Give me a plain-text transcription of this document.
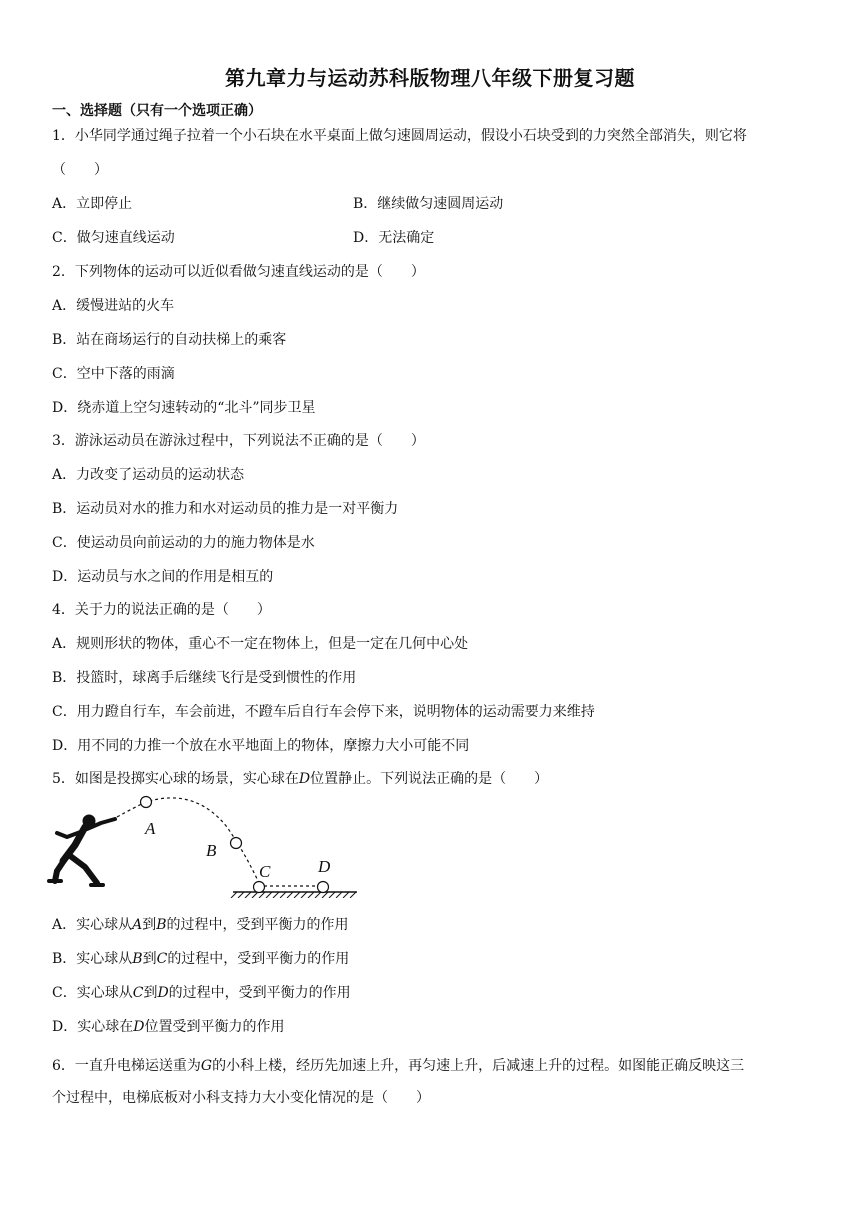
第九章力与运动苏科版物理八年级下册复习题
一、选择题（只有一个选项正确）
1．小华同学通过绳子拉着一个小石块在水平桌面上做匀速圆周运动，假设小石块受到的力突然全部消失，则它将
（　　）
A．立即停止	B．继续做匀速圆周运动
C．做匀速直线运动	D．无法确定
2．下列物体的运动可以近似看做匀速直线运动的是（　　）
A．缓慢进站的火车
B．站在商场运行的自动扶梯上的乘客
C．空中下落的雨滴
D．绕赤道上空匀速转动的“北斗”同步卫星
3．游泳运动员在游泳过程中，下列说法不正确的是（　　）
A．力改变了运动员的运动状态
B．运动员对水的推力和水对运动员的推力是一对平衡力
C．使运动员向前运动的力的施力物体是水
D．运动员与水之间的作用是相互的
4．关于力的说法正确的是（　　）
A．规则形状的物体，重心不一定在物体上，但是一定在几何中心处
B．投篮时，球离手后继续飞行是受到惯性的作用
C．用力蹬自行车，车会前进，不蹬车后自行车会停下来，说明物体的运动需要力来维持
D．用不同的力推一个放在水平地面上的物体，摩擦力大小可能不同
5．如图是投掷实心球的场景，实心球在D位置静止。下列说法正确的是（　　）
A
B
C	D
A．实心球从A到B的过程中，受到平衡力的作用
B．实心球从B到C的过程中，受到平衡力的作用
C．实心球从C到D的过程中，受到平衡力的作用
D．实心球在D位置受到平衡力的作用
6．一直升电梯运送重为G的小科上楼，经历先加速上升，再匀速上升，后减速上升的过程。如图能正确反映这三
个过程中，电梯底板对小科支持力大小变化情况的是（　　）
